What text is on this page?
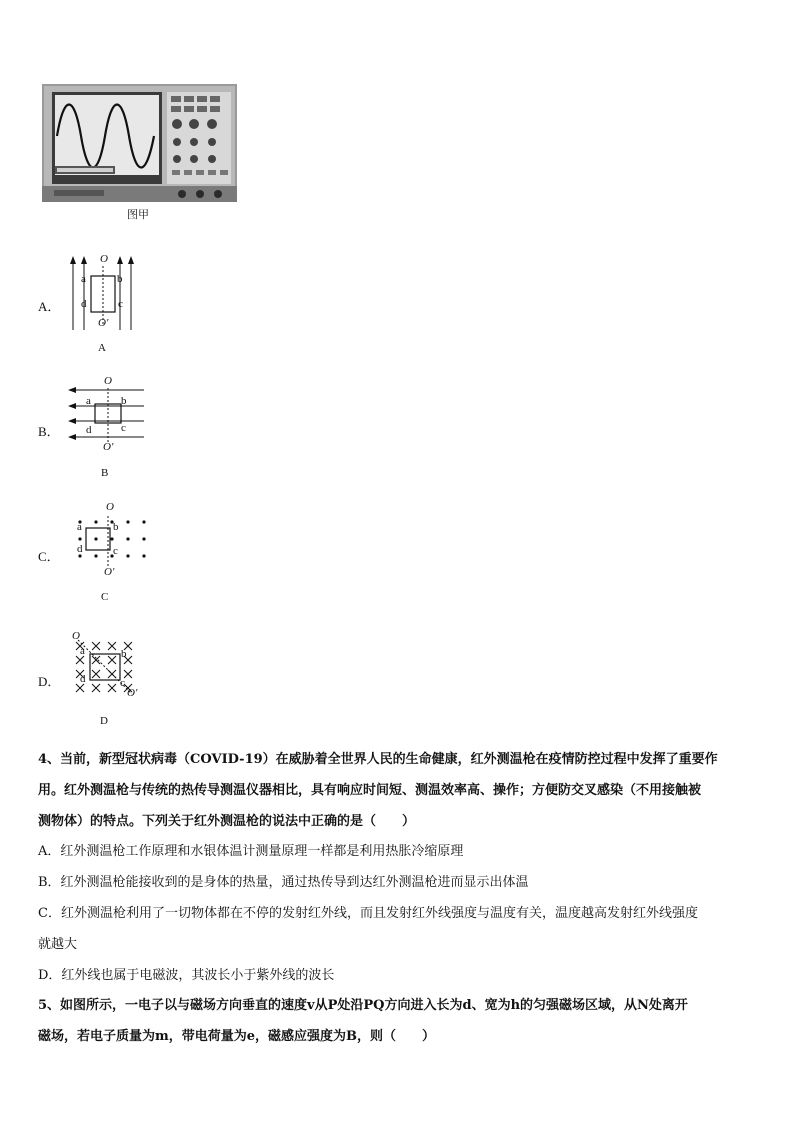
图甲
A．
O
a	b
d	c
O′
A
B．
O
a	b
d	c
O′
B
C．
O
a	b
d	c
O′
C
D．
O
a	b
d	c
O′
D
4、当前，新型冠状病毒（COVID-19）在威胁着全世界人民的生命健康，红外测温枪在疫情防控过程中发挥了重要作
用。红外测温枪与传统的热传导测温仪器相比，具有响应时间短、测温效率高、操作；方便防交叉感染（不用接触被
测物体）的特点。下列关于红外测温枪的说法中正确的是（　　）
A．红外测温枪工作原理和水银体温计测量原理一样都是利用热胀冷缩原理
B．红外测温枪能接收到的是身体的热量，通过热传导到达红外测温枪进而显示出体温
C．红外测温枪利用了一切物体都在不停的发射红外线，而且发射红外线强度与温度有关，温度越高发射红外线强度
就越大
D．红外线也属于电磁波，其波长小于紫外线的波长
5、如图所示，一电子以与磁场方向垂直的速度v从P处沿PQ方向进入长为d、宽为h的匀强磁场区域，从N处离开
磁场，若电子质量为m，带电荷量为e，磁感应强度为B，则（　　）
